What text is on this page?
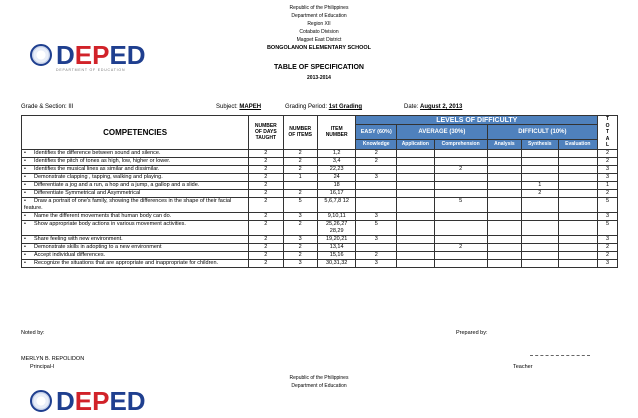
DEPED
DEPARTMENT OF EDUCATION
Republic of the Philippines
Department of Education
Region XII
Cotabato Division
Magpet East District
BONGOLANON ELEMENTARY SCHOOL
TABLE OF SPECIFICATION
2013-2014
Grade & Section: III	Subject: MAPEH	Grading Period: 1st Grading	Date: August 2, 2013
COMPETENCIES	NUMBER OF DAYS TAUGHT	NUMBER OF ITEMS	ITEM NUMBER	LEVELS OF DIFFICULTY						T O T A L
				EASY (60%)	AVERAGE (30%)		DIFFICULT (10%)			
				Knowledge	Application	Comprehension	Analysis	Synthesis	Evaluation	
• Identifies the difference between sound and silence.	2	2	1,2	2						2
• Identifies the pitch of tones as high, low, higher or lower.	2	2	3,4	2						2
• Identifies the musical lines as similar and dissimilar.	2	2	22,23			2				3
• Demonstrate clapping , tapping, walking and playing.	2	1	24	3						3
• Differentiate a jog and a run, a hop and a jump, a gallop and a slide.	2		18					1		1
• Differentiate Symmetrical and Asymmetrical	2	2	16,17					2		2
• Draw a portrait of one's family, showing the differences in the shape of their facial feature.	2	5	5,6,7,8 12			5				5
• Name the different movements that human body can do.	2	3	9,10,11	3						3
• Show appropriate body actions in various movement activities.	2	2	25,26,27 28,29	5						5
• Share feeling with new environment.	2	3	19,20,21	3						3
• Demonstrate skills in adopting to a new environment	2	2	13,14			2				2
• Accept individual differences.	2	2	15,16	2						2
• Recognize the situations that are appropriate and inappropriate for children.	2	3	30,31,32	3						3
Noted by:	Prepared by:
MERLYN B. REPOLIDON
Principal-I	Teacher
Republic of the Philippines
Department of Education
DEPED
